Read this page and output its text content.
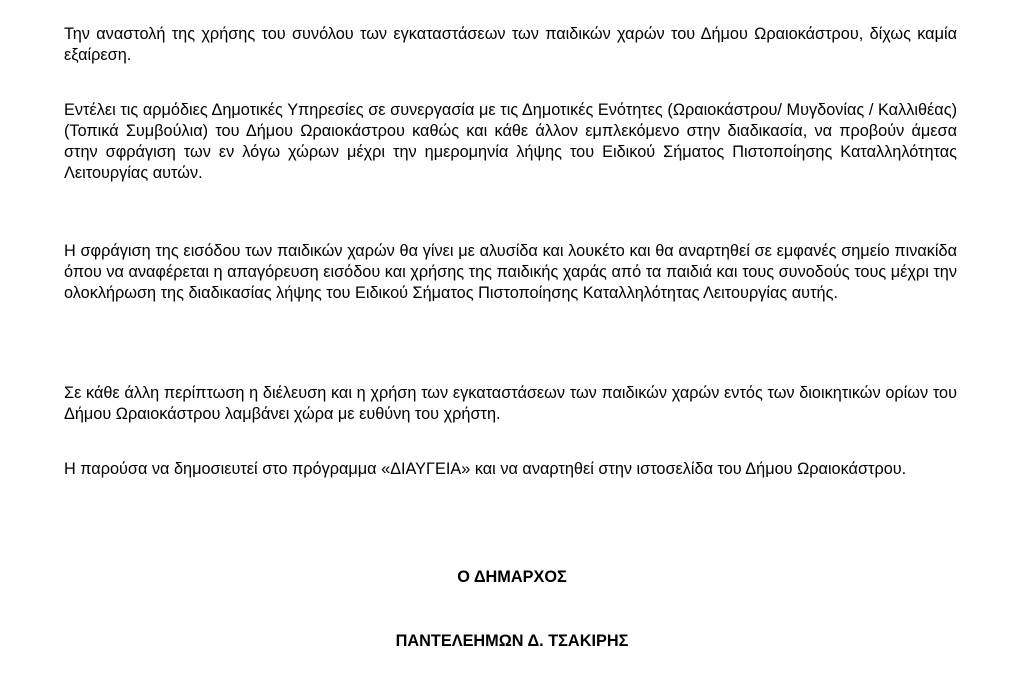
Την αναστολή της χρήσης του συνόλου των εγκαταστάσεων των παιδικών χαρών του Δήμου Ωραιοκάστρου, δίχως καμία εξαίρεση.

Εντέλει τις αρμόδιες Δημοτικές Υπηρεσίες σε συνεργασία με τις Δημοτικές Ενότητες (Ωραιοκάστρου/ Μυγδονίας / Καλλιθέας) (Τοπικά Συμβούλια) του Δήμου Ωραιοκάστρου καθώς και κάθε άλλον εμπλεκόμενο στην διαδικασία, να προβούν άμεσα στην σφράγιση των εν λόγω χώρων μέχρι την ημερομηνία λήψης του Ειδικού Σήματος Πιστοποίησης Καταλληλότητας Λειτουργίας αυτών.

Η σφράγιση της εισόδου των παιδικών χαρών θα γίνει με αλυσίδα και λουκέτο και θα αναρτηθεί σε εμφανές σημείο πινακίδα όπου να αναφέρεται η απαγόρευση εισόδου και χρήσης της παιδικής χαράς από τα παιδιά και τους συνοδούς τους μέχρι την ολοκλήρωση της διαδικασίας λήψης του Ειδικού Σήματος Πιστοποίησης Καταλληλότητας Λειτουργίας αυτής.

Σε κάθε άλλη περίπτωση η διέλευση και η χρήση των εγκαταστάσεων των παιδικών χαρών εντός των διοικητικών ορίων του Δήμου Ωραιοκάστρου λαμβάνει χώρα με ευθύνη του χρήστη.

Η παρούσα να δημοσιευτεί στο πρόγραμμα «ΔΙΑΥΓΕΙΑ» και να αναρτηθεί στην ιστοσελίδα του Δήμου Ωραιοκάστρου.

Ο ΔΗΜΑΡΧΟΣ

ΠΑΝΤΕΛΕΗΜΩΝ Δ. ΤΣΑΚΙΡΗΣ
